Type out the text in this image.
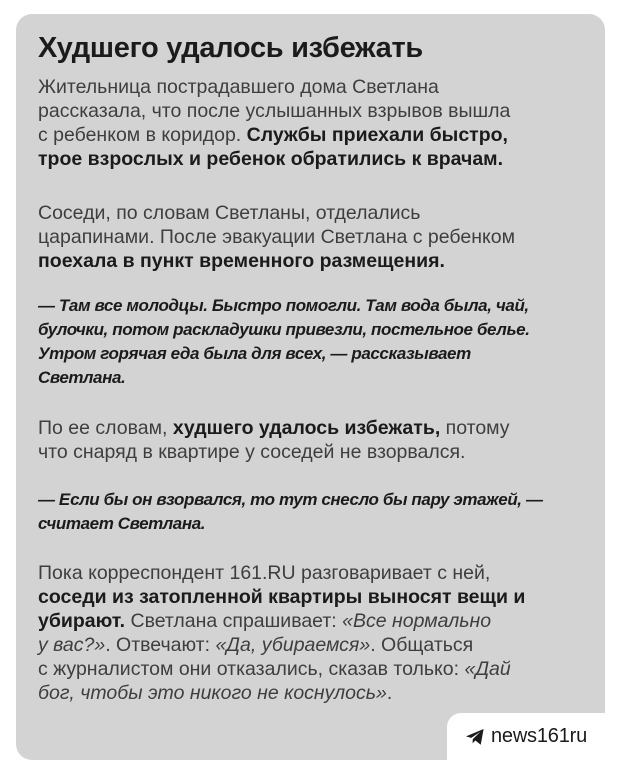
Худшего удалось избежать

Жительница пострадавшего дома Светлана
рассказала, что после услышанных взрывов вышла
с ребенком в коридор. Службы приехали быстро,
трое взрослых и ребенок обратились к врачам.

Соседи, по словам Светланы, отделались
царапинами. После эвакуации Светлана с ребенком
поехала в пункт временного размещения.

— Там все молодцы. Быстро помогли. Там вода была, чай,
булочки, потом раскладушки привезли, постельное белье.
Утром горячая еда была для всех, — рассказывает
Светлана.

По ее словам, худшего удалось избежать, потому
что снаряд в квартире у соседей не взорвался.

— Если бы он взорвался, то тут снесло бы пару этажей, —
считает Светлана.

Пока корреспондент 161.RU разговаривает с ней,
соседи из затопленной квартиры выносят вещи и
убирают. Светлана спрашивает: «Все нормально
у вас?». Отвечают: «Да, убираемся». Общаться
с журналистом они отказались, сказав только: «Дай
бог, чтобы это никого не коснулось».

news161ru
